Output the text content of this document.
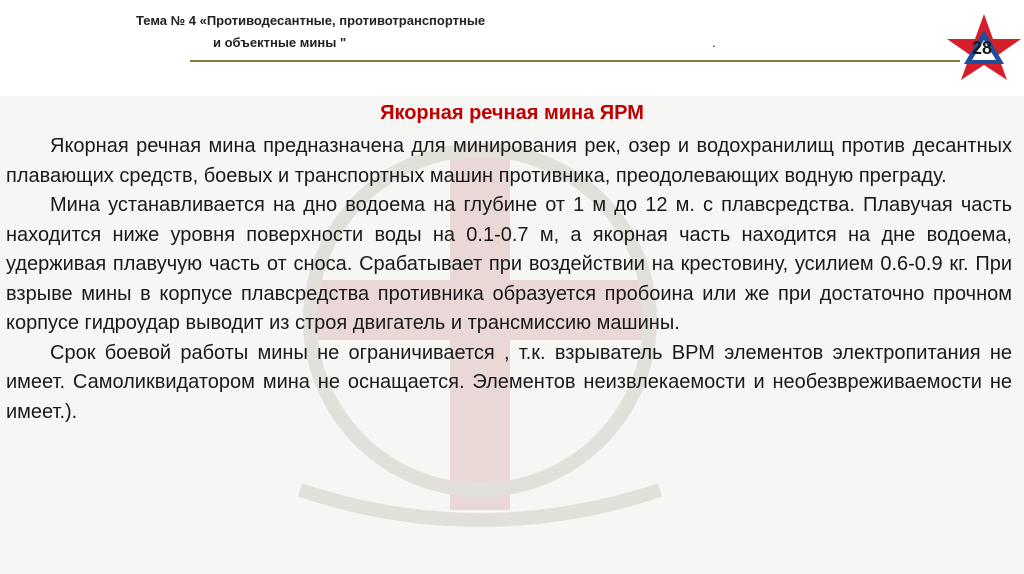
Тема № 4 «Противодесантные, противотранспортные
и объектные мины "	.	28
Якорная речная мина ЯРМ

Якорная речная мина предназначена для минирования рек, озер и водохранилищ против десантных плавающих средств, боевых и транспортных машин противника, преодолевающих водную преграду.

Мина устанавливается на дно водоема на глубине от 1 м до 12 м. с плавсредства. Плавучая часть находится ниже уровня поверхности воды на 0.1-0.7 м, а якорная часть находится на дне водоема, удерживая плавучую часть от сноса. Срабатывает при воздействии на крестовину, усилием 0.6-0.9 кг. При взрыве мины в корпусе плавсредства противника образуется пробоина или же при достаточно прочном корпусе гидроудар выводит из строя двигатель и трансмиссию машины.

Срок боевой работы мины не ограничивается , т.к. взрыватель ВРМ элементов электропитания не имеет. Самоликвидатором мина не оснащается. Элементов неизвлекаемости и необезвреживаемости не имеет.).
